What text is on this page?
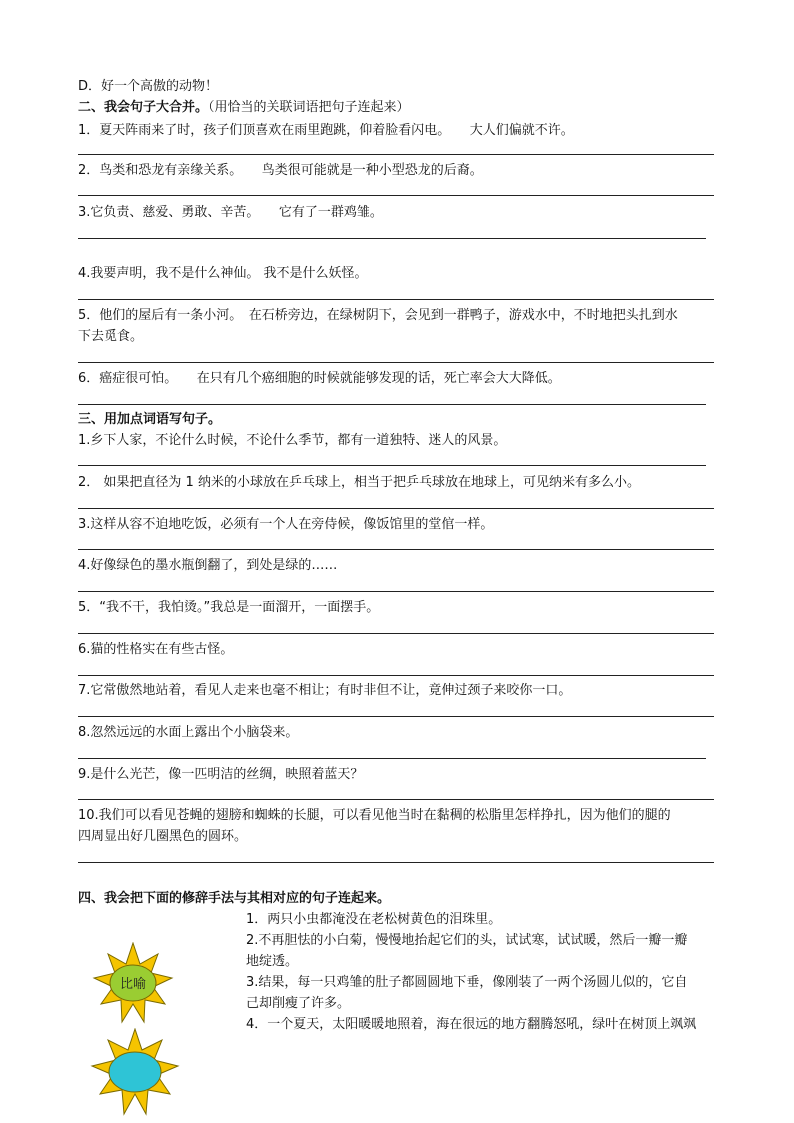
D．好一个高傲的动物！
二、我会句子大合并。（用恰当的关联词语把句子连起来）
1．夏天阵雨来了时，孩子们顶喜欢在雨里跑跳，仰着脸看闪电。　　大人们偏就不许。
2．鸟类和恐龙有亲缘关系。　　鸟类很可能就是一种小型恐龙的后裔。
3.它负责、慈爱、勇敢、辛苦。　　它有了一群鸡雏。
4.我要声明，我不是什么神仙。 我不是什么妖怪。
5．他们的屋后有一条小河。　在石桥旁边，在绿树阴下，会见到一群鸭子，游戏水中，不时地把头扎到水
下去觅食。
6．癌症很可怕。　　在只有几个癌细胞的时候就能够发现的话，死亡率会大大降低。
三、用加点词语写句子。
1.乡下人家，不论什么时候，不论什么季节，都有一道独特、迷人的风景。
2． 如果把直径为 1 纳米的小球放在乒乓球上，相当于把乒乓球放在地球上，可见纳米有多么小。
3.这样从容不迫地吃饭，必须有一个人在旁侍候，像饭馆里的堂倌一样。
4.好像绿色的墨水瓶倒翻了，到处是绿的……
5．“我不干，我怕烫。”我总是一面溜开，一面摆手。
6.猫的性格实在有些古怪。
7.它常傲然地站着，看见人走来也毫不相让；有时非但不让，竟伸过颈子来咬你一口。
8.忽然远远的水面上露出个小脑袋来。
9.是什么光芒，像一匹明洁的丝绸，映照着蓝天？
10.我们可以看见苍蝇的翅膀和蜘蛛的长腿，可以看见他当时在黏稠的松脂里怎样挣扎，因为他们的腿的
四周显出好几圈黑色的圆环。
四、我会把下面的修辞手法与其相对应的句子连起来。
1．两只小虫都淹没在老松树黄色的泪珠里。
2.不再胆怯的小白菊，慢慢地抬起它们的头，试试寒，试试暖，然后一瓣一瓣
地绽透。
3.结果，每一只鸡雏的肚子都圆圆地下垂，像刚装了一两个汤圆儿似的，它自
己却削瘦了许多。
4．一个夏天，太阳暖暖地照着，海在很远的地方翻腾怒吼，绿叶在树顶上飒飒
比喻
